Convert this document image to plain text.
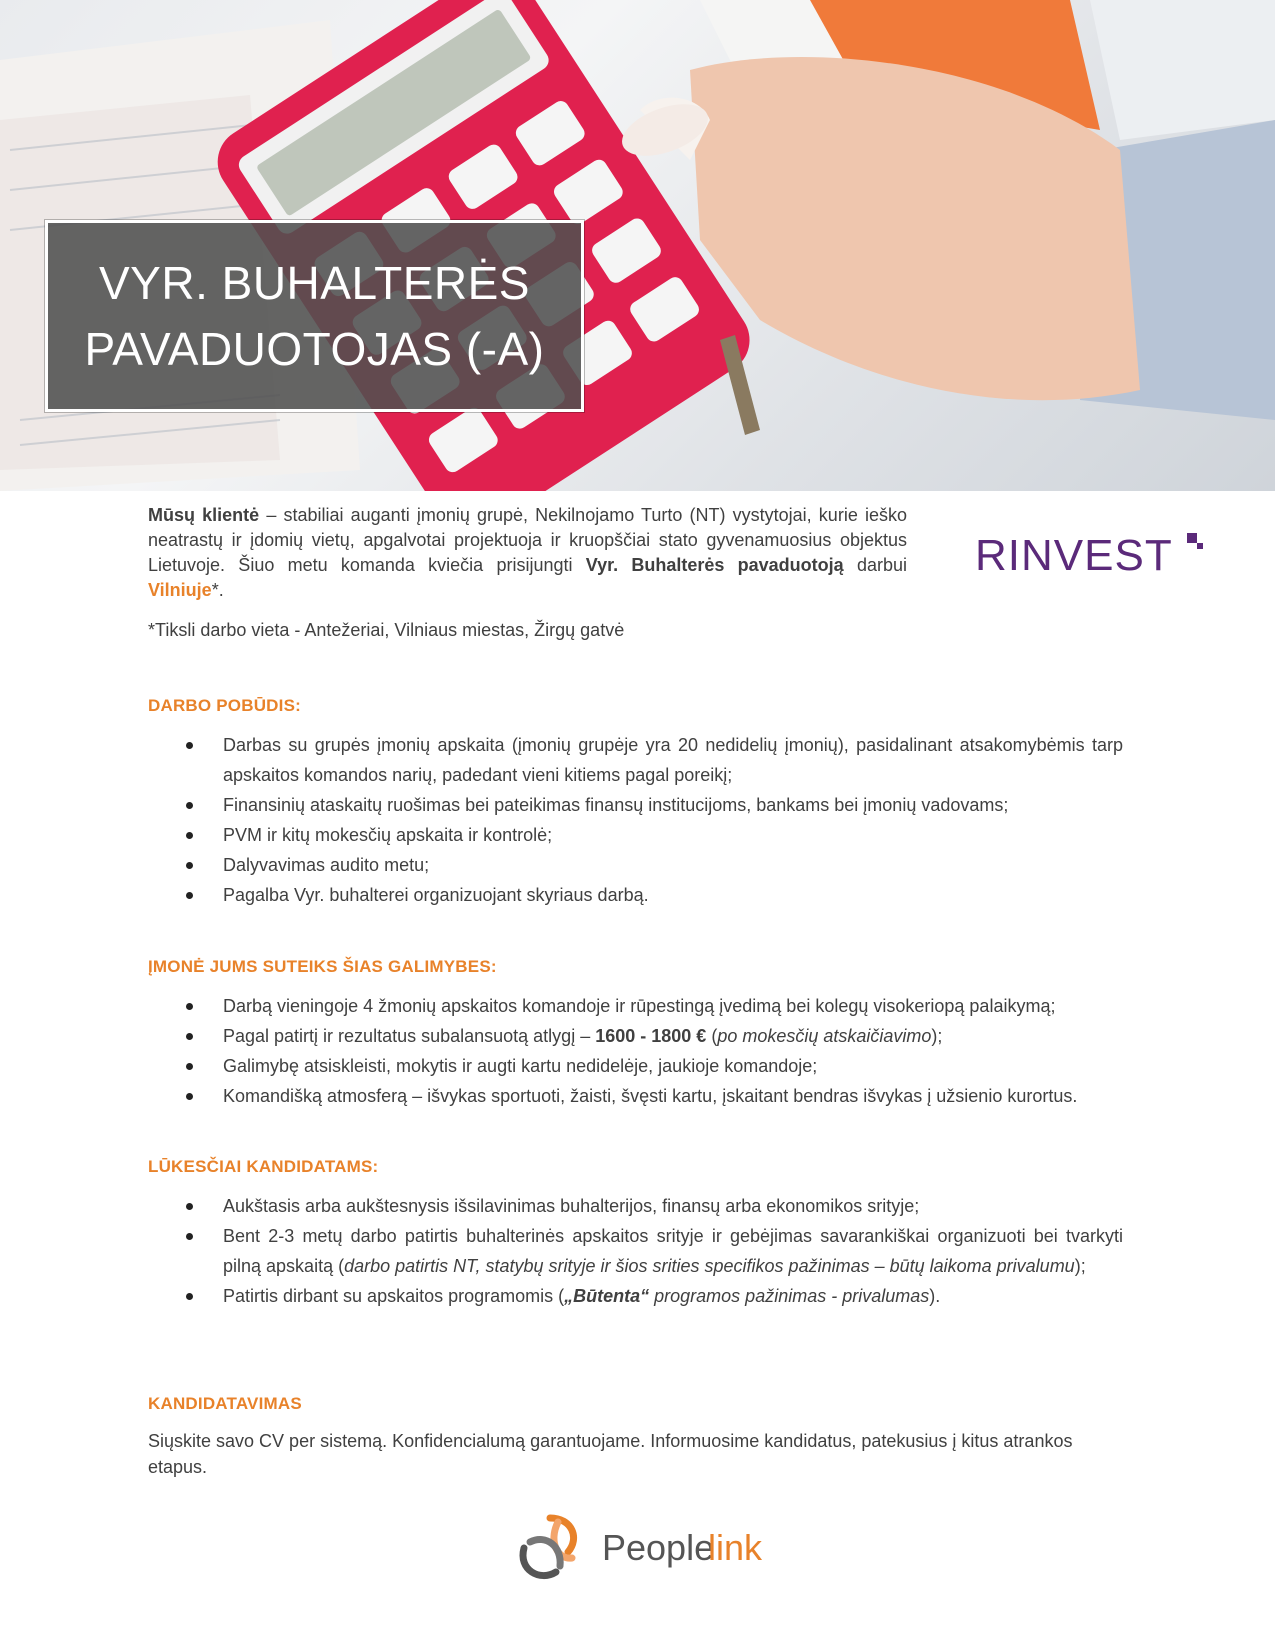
VYR. BUHALTERĖS
PAVADUOTOJAS (-A)
Mūsų klientė – stabiliai auganti įmonių grupė, Nekilnojamo Turto (NT) vystytojai, kurie ieško neatrastų ir įdomių vietų, apgalvotai projektuoja ir kruopščiai stato gyvenamuosius objektus Lietuvoje. Šiuo metu komanda kviečia prisijungti Vyr. Buhalterės pavaduotoją darbui Vilniuje*.
*Tiksli darbo vieta - Antežeriai, Vilniaus miestas, Žirgų gatvė
RINVEST
DARBO POBŪDIS:
Darbas su grupės įmonių apskaita (įmonių grupėje yra 20 nedidelių įmonių), pasidalinant atsakomybėmis tarp apskaitos komandos narių, padedant vieni kitiems pagal poreikį;
Finansinių ataskaitų ruošimas bei pateikimas finansų institucijoms, bankams bei įmonių vadovams;
PVM ir kitų mokesčių apskaita ir kontrolė;
Dalyvavimas audito metu;
Pagalba Vyr. buhalterei organizuojant skyriaus darbą.
ĮMONĖ JUMS SUTEIKS ŠIAS GALIMYBES:
Darbą vieningoje 4 žmonių apskaitos komandoje ir rūpestingą įvedimą bei kolegų visokeriopą palaikymą;
Pagal patirtį ir rezultatus subalansuotą atlygį – 1600 - 1800 € (po mokesčių atskaičiavimo);
Galimybę atsiskleisti, mokytis ir augti kartu nedidelėje, jaukioje komandoje;
Komandišką atmosferą – išvykas sportuoti, žaisti, švęsti kartu, įskaitant bendras išvykas į užsienio kurortus.
LŪKESČIAI KANDIDATAMS:
Aukštasis arba aukštesnysis išsilavinimas buhalterijos, finansų arba ekonomikos srityje;
Bent 2-3 metų darbo patirtis buhalterinės apskaitos srityje ir gebėjimas savarankiškai organizuoti bei tvarkyti pilną apskaitą (darbo patirtis NT, statybų srityje ir šios srities specifikos pažinimas – būtų laikoma privalumu);
Patirtis dirbant su apskaitos programomis („Būtenta“ programos pažinimas - privalumas).
KANDIDATAVIMAS
Siųskite savo CV per sistemą. Konfidencialumą garantuojame. Informuosime kandidatus, patekusius į kitus atrankos etapus.
People
link
